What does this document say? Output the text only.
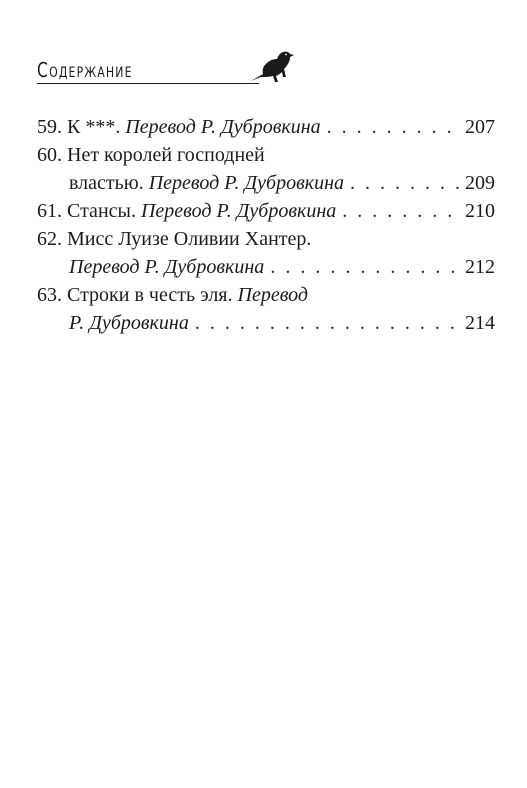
Содержание
59. К ***.
Перевод Р. Дубровкина . . .	207
60. Нет королей господней
властью.
Перевод Р. Дубровкина . . .	209
61. Стансы.
Перевод Р. Дубровкина . . .	210
62. Мисс Луизе Оливии Хантер.
Перевод Р. Дубровкина . . .	212
63. Строки в честь эля.
Перевод
Р. Дубровкина . . .	214
